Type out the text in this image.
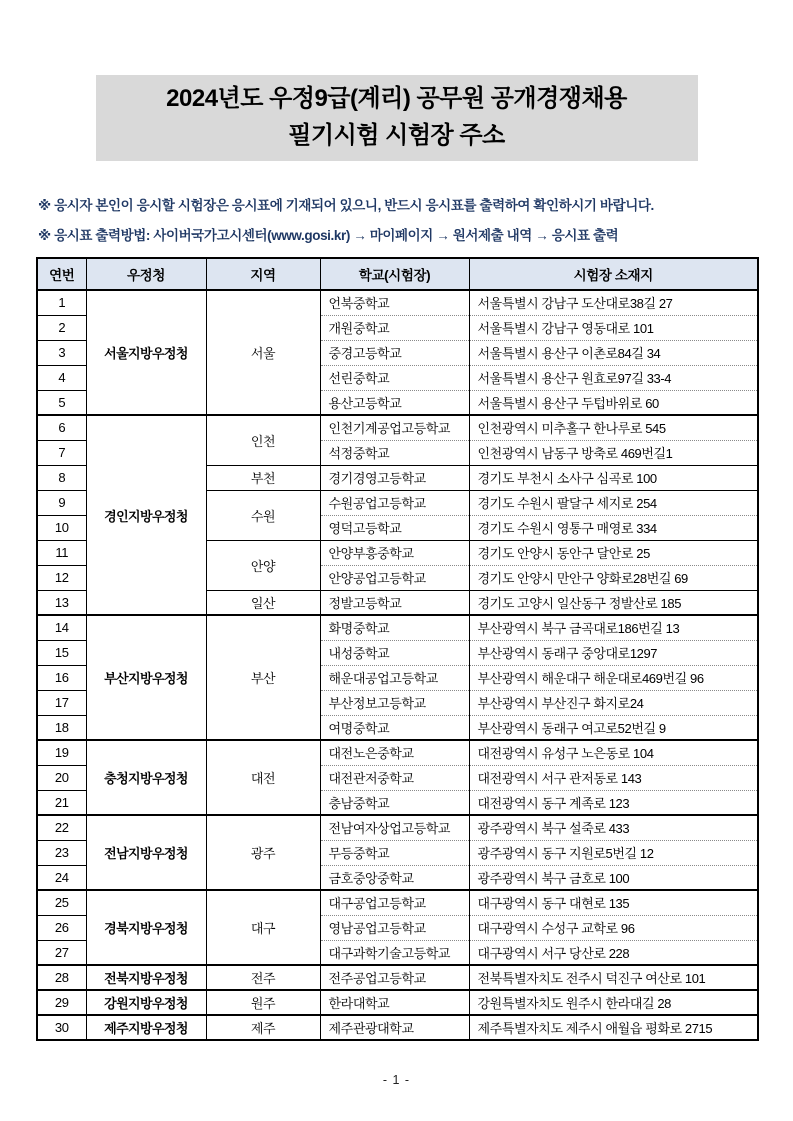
2024년도 우정9급(계리) 공무원 공개경쟁채용
필기시험 시험장 주소
※ 응시자 본인이 응시할 시험장은 응시표에 기재되어 있으니, 반드시 응시표를 출력하여 확인하시기 바랍니다.
※ 응시표 출력방법: 사이버국가고시센터(www.gosi.kr) → 마이페이지 → 원서제출 내역 → 응시표 출력
연번	우정청	지역	학교(시험장)	시험장 소재지
1	서울지방우정청	서울	언북중학교	서울특별시 강남구 도산대로38길 27
2			개원중학교	서울특별시 강남구 영동대로 101
3			중경고등학교	서울특별시 용산구 이촌로84길 34
4			선린중학교	서울특별시 용산구 원효로97길 33-4
5			용산고등학교	서울특별시 용산구 두텁바위로 60
6	경인지방우정청	인천	인천기계공업고등학교	인천광역시 미추홀구 한나루로 545
7			석정중학교	인천광역시 남동구 방축로 469번길1
8		부천	경기경영고등학교	경기도 부천시 소사구 심곡로 100
9		수원	수원공업고등학교	경기도 수원시 팔달구 세지로 254
10			영덕고등학교	경기도 수원시 영통구 매영로 334
11		안양	안양부흥중학교	경기도 안양시 동안구 달안로 25
12			안양공업고등학교	경기도 안양시 만안구 양화로28번길 69
13		일산	정발고등학교	경기도 고양시 일산동구 정발산로 185
14	부산지방우정청	부산	화명중학교	부산광역시 북구 금곡대로186번길 13
15			내성중학교	부산광역시 동래구 중앙대로1297
16			해운대공업고등학교	부산광역시 해운대구 해운대로469번길 96
17			부산정보고등학교	부산광역시 부산진구 화지로24
18			여명중학교	부산광역시 동래구 여고로52번길 9
19	충청지방우정청	대전	대전노은중학교	대전광역시 유성구 노은동로 104
20			대전관저중학교	대전광역시 서구 관저동로 143
21			충남중학교	대전광역시 동구 계족로 123
22	전남지방우정청	광주	전남여자상업고등학교	광주광역시 북구 설죽로 433
23			무등중학교	광주광역시 동구 지원로5번길 12
24			금호중앙중학교	광주광역시 북구 금호로 100
25	경북지방우정청	대구	대구공업고등학교	대구광역시 동구 대현로 135
26			영남공업고등학교	대구광역시 수성구 교학로 96
27			대구과학기술고등학교	대구광역시 서구 당산로 228
28	전북지방우정청	전주	전주공업고등학교	전북특별자치도 전주시 덕진구 여산로 101
29	강원지방우정청	원주	한라대학교	강원특별자치도 원주시 한라대길 28
30	제주지방우정청	제주	제주관광대학교	제주특별자치도 제주시 애월읍 평화로 2715
- 1 -
